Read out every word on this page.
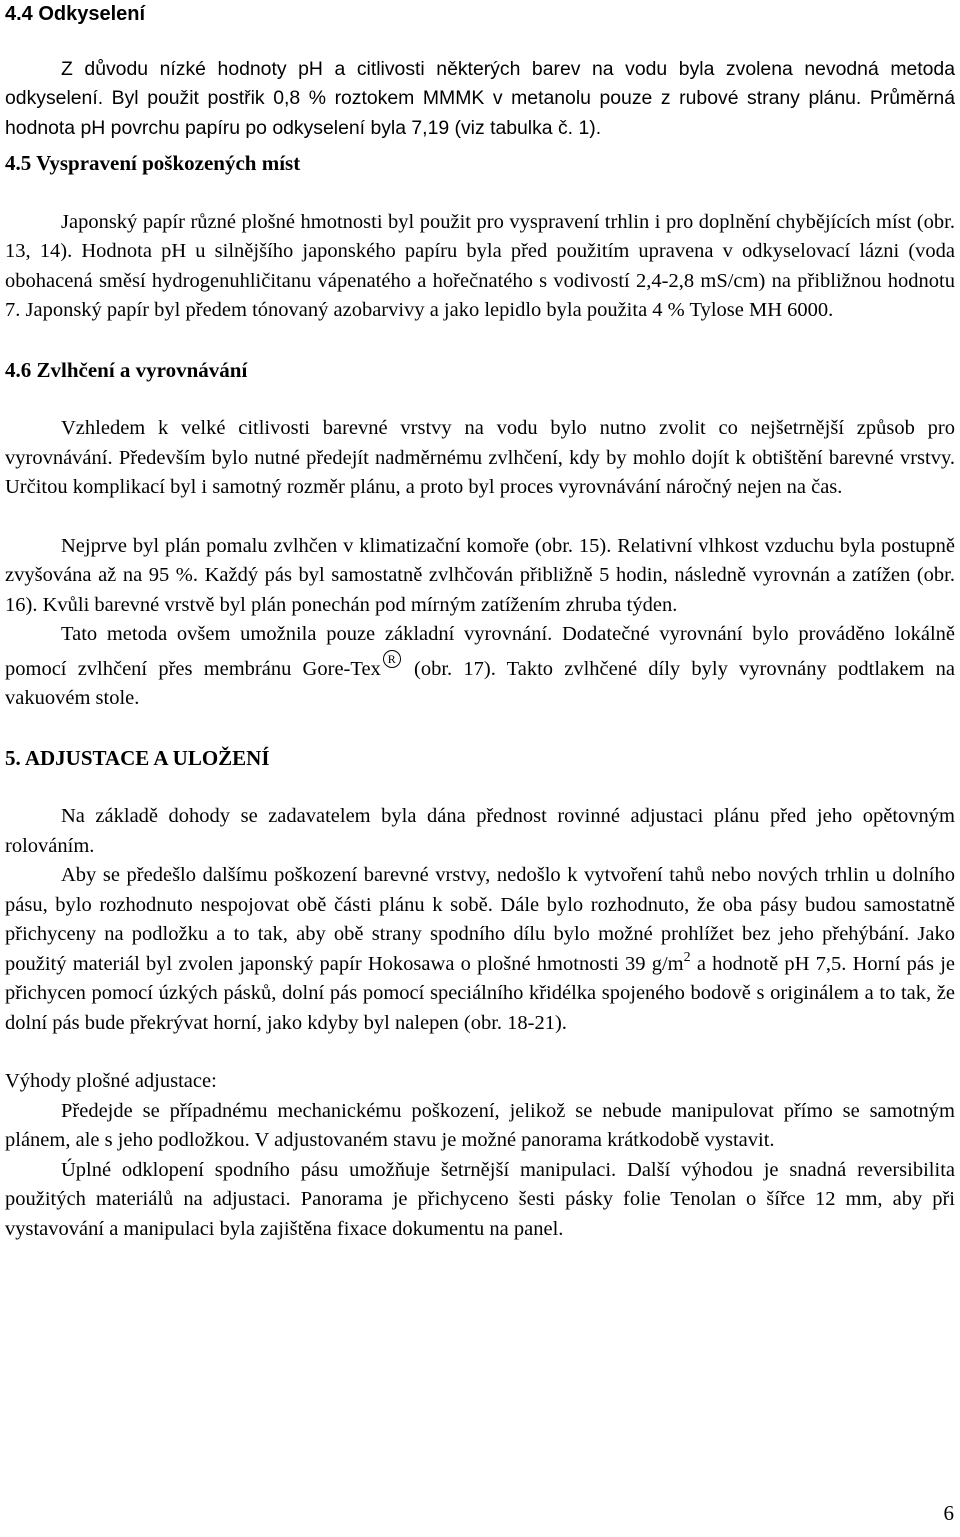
4.4 Odkyselení

Z důvodu nízké hodnoty pH a citlivosti některých barev na vodu byla zvolena nevodná metoda odkyselení. Byl použit postřik 0,8 % roztokem MMMK v metanolu pouze z rubové strany plánu. Průměrná hodnota pH povrchu papíru po odkyselení byla 7,19 (viz tabulka č. 1).

4.5 Vyspravení poškozených míst

Japonský papír různé plošné hmotnosti byl použit pro vyspravení trhlin i pro doplnění chybějících míst (obr. 13, 14). Hodnota pH u silnějšího japonského papíru byla před použitím upravena v odkyselovací lázni (voda obohacená směsí hydrogenuhličitanu vápenatého a hořečnatého s vodivostí 2,4-2,8 mS/cm) na přibližnou hodnotu 7. Japonský papír byl předem tónovaný azobarvivy a jako lepidlo byla použita 4 % Tylose MH 6000.

4.6 Zvlhčení a vyrovnávání

Vzhledem k velké citlivosti barevné vrstvy na vodu bylo nutno zvolit co nejšetrnější způsob pro vyrovnávání. Především bylo nutné předejít nadměrnému zvlhčení, kdy by mohlo dojít k obtištění barevné vrstvy. Určitou komplikací byl i samotný rozměr plánu, a proto byl proces vyrovnávání náročný nejen na čas.

Nejprve byl plán pomalu zvlhčen v klimatizační komoře (obr. 15). Relativní vlhkost vzduchu byla postupně zvyšována až na 95 %. Každý pás byl samostatně zvlhčován přibližně 5 hodin, následně vyrovnán a zatížen (obr. 16). Kvůli barevné vrstvě byl plán ponechán pod mírným zatížením zhruba týden.

Tato metoda ovšem umožnila pouze základní vyrovnání. Dodatečné vyrovnání bylo prováděno lokálně pomocí zvlhčení přes membránu Gore-Tex $^R$ (obr. 17). Takto zvlhčené díly byly vyrovnány podtlakem na vakuovém stole.

5. ADJUSTACE A ULOŽENÍ

Na základě dohody se zadavatelem byla dána přednost rovinné adjustaci plánu před jeho opětovným rolováním.

Aby se předešlo dalšímu poškození barevné vrstvy, nedošlo k vytvoření tahů nebo nových trhlin u dolního pásu, bylo rozhodnuto nespojovat obě části plánu k sobě. Dále bylo rozhodnuto, že oba pásy budou samostatně přichyceny na podložku a to tak, aby obě strany spodního dílu bylo možné prohlížet bez jeho přehýbání. Jako použitý materiál byl zvolen japonský papír Hokosawa o plošné hmotnosti 39 $g/m^2$ a hodnotě pH 7,5. Horní pás je přichycen pomocí úzkých pásků, dolní pás pomocí speciálního křidélka spojeného bodově s originálem a to tak, že dolní pás bude překrývat horní, jako kdyby byl nalepen (obr. 18-21).

Výhody plošné adjustace:

Předejde se případnému mechanickému poškození, jelikož se nebude manipulovat přímo se samotným plánem, ale s jeho podložkou. V adjustovaném stavu je možné panorama krátkodobě vystavit.

Úplné odklopení spodního pásu umožňuje šetrnější manipulaci. Další výhodou je snadná reversibilita použitých materiálů na adjustaci. Panorama je přichyceno šesti pásky folie Tenolan o šířce 12 mm, aby při vystavování a manipulaci byla zajištěna fixace dokumentu na panel.

6
